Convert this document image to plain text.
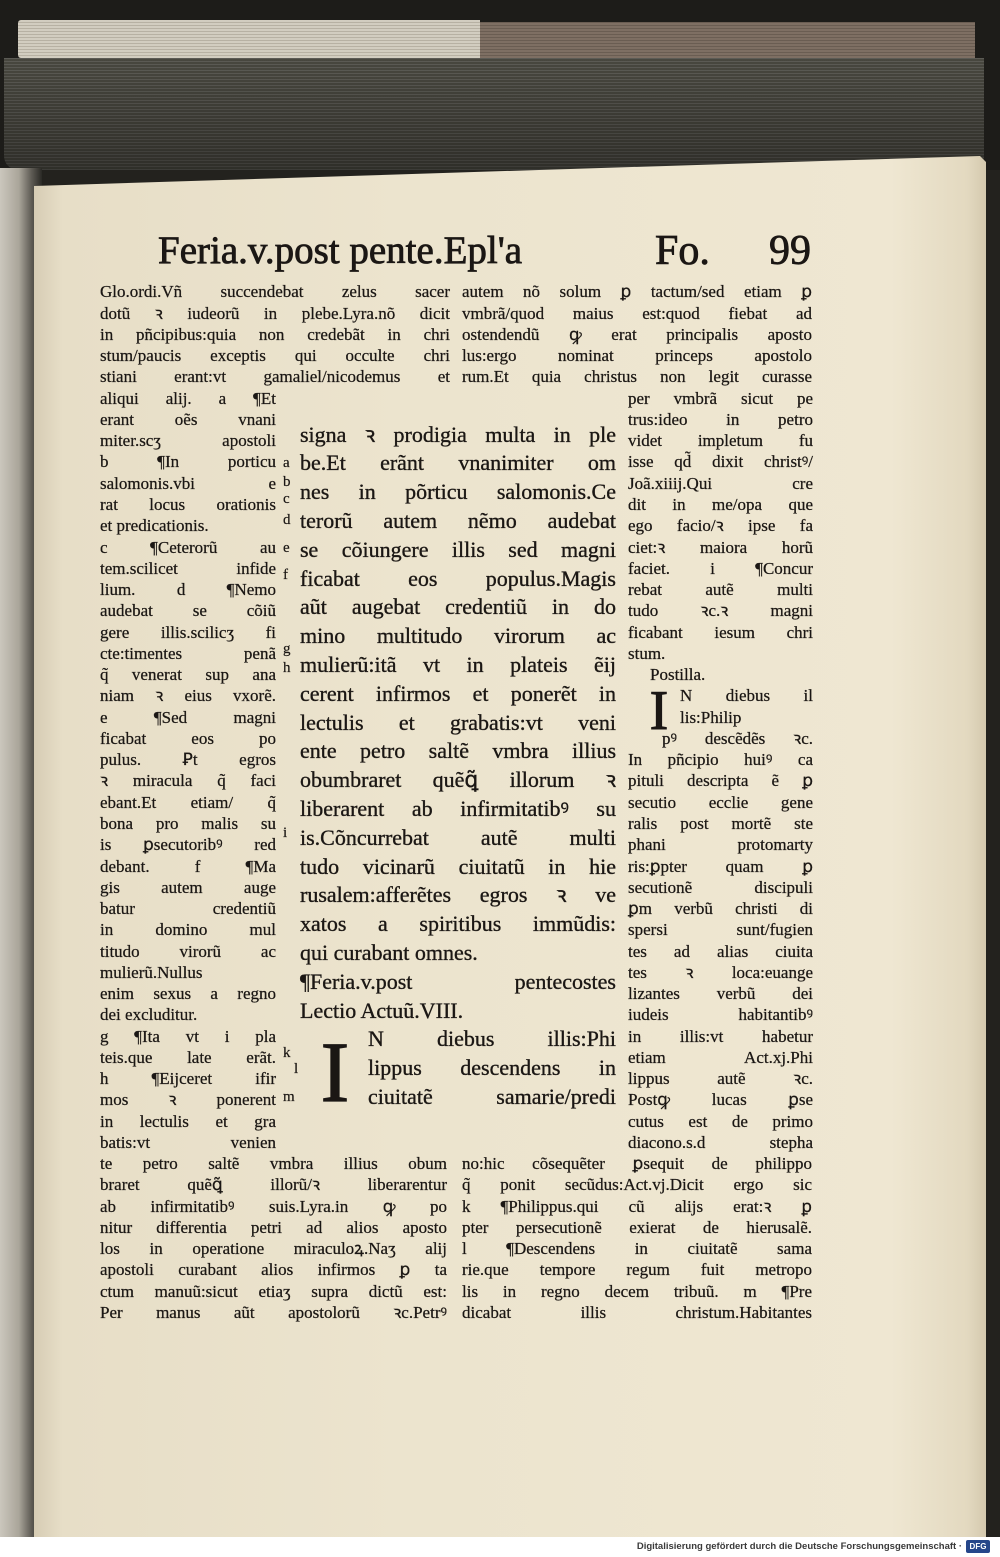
Feria.v.post pente.Epl'a	Fo. 99
Glo.ordi.Vñ succendebat zelus sacer
dotũ ꝛ iudeorũ in plebe.Lyra.nõ dicit
in pñcipibus:quia non credebãt in chri
stum/paucis exceptis qui occulte chri
stiani erant:vt gamaliel/nicodemus et
autem nõ solum ꝑ tactum/sed etiam ꝑ
vmbrã/quod maius est:quod fiebat ad
ostendendũ ꝙ erat principalis aposto
lus:ergo nominat princeps apostolo
rum.Et quia christus non legit curasse
aliqui alij. a ¶Et
erant oẽs vnani
miter.scʒ apostoli
b ¶In porticu
salomonis.vbi e
rat locus orationis
et predicationis.
c ¶Ceterorũ au
tem.scilicet infide
lium. d ¶Nemo
audebat se cõiũ
gere illis.scilicʒ fi
cte:timentes penã
q̃ venerat sup ana
niam ꝛ eius vxorẽ.
e ¶Sed magni
ficabat eos po
pulus. Ꝑt egros
ꝛ miracula q̃ faci
ebant.Et etiam/ q̃
bona pro malis su
is ꝑsecutoribꝰ red
debant. f ¶Ma
gis autem auge
batur credentiũ
in domino mul
titudo virorũ ac
mulierũ.Nullus
enim sexus a regno
dei excluditur.
g ¶Ita vt i pla
teis.que late erãt.
h ¶Eijceret ifir
mos ꝛ ponerent
in lectulis et gra
batis:vt venien
a
b
c
d
e
f
g
h
i
k
l
m
signa ꝛ prodigia multa in ple
be.Et erãnt vnanimiter om
nes in põrticu salomonis.Ce
terorũ autem nẽmo audebat
se cõiungere illis sed magni
ficabat eos populus.Magis
aũt augebat credentiũ in do
mino multitudo virorum ac
mulierũ:itã vt in plateis ẽij
cerent infirmos et ponerẽt in
lectulis et grabatis:vt veni
ente petro saltẽ vmbra illius
obumbraret quẽꝗ̃ illorum ꝛ
liberarent ab infirmitatibꝰ su
is.Cõncurrebat autẽ multi
tudo vicinarũ ciuitatũ in hie
rusalem:afferẽtes egros ꝛ ve
xatos a spiritibus immũdis:
qui curabant omnes.
¶Feria.v.post pentecostes
Lectio Actuũ.VIII.
N diebus illis:Phi
lippus descendens in
ciuitatẽ samarie/predi
I
per vmbrã sicut pe
trus:ideo in petro
videt impletum fu
isse qd̃ dixit christꝰ/
Joã.xiiij.Qui cre
dit in me/opa que
ego facio/ꝛ ipse fa
ciet:ꝛ maiora horũ
faciet. i ¶Concur
rebat autẽ multi
tudo ꝛc.ꝛ magni
ficabant iesum chri
stum.
Postilla.
N diebus il
lis:Philip
pꝰ descẽdẽs ꝛc.
In pñcipio huiꝰ ca
pituli descripta ẽ ꝑ
secutio ecclie gene
ralis post mortẽ ste
phani protomarty
ris:ꝑpter quam ꝑ
secutionẽ discipuli
ꝑm verbũ christi di
spersi sunt/fugien
tes ad alias ciuita
tes ꝛ loca:euange
lizantes verbũ dei
iudeis habitantibꝰ
in illis:vt habetur
etiam Act.xj.Phi
lippus autẽ ꝛc.
Postꝙ lucas ꝑse
cutus est de primo
diacono.s.d stepha
I
te petro saltẽ vmbra illius obum
braret quẽꝗ̃ illorũ/ꝛ liberarentur
ab infirmitatibꝰ suis.Lyra.in ꝙ po
nitur differentia petri ad alios aposto
los in operatione miraculoꝝ.Naʒ alij
apostoli curabant alios infirmos ꝑ ta
ctum manuũ:sicut etiaʒ supra dictũ est:
Per manus aũt apostolorũ ꝛc.Petrꝰ
no:hic cõsequẽter ꝑsequit de philippo
q̃ ponit secũdus:Act.vj.Dicit ergo sic
k ¶Philippus.qui cũ alijs erat:ꝛ ꝑ
pter persecutionẽ exierat de hierusalẽ.
l ¶Descendens in ciuitatẽ sama
rie.que tempore regum fuit metropo
lis in regno decem tribuũ. m ¶Pre
dicabat illis christum.Habitantes
Digitalisierung gefördert durch die Deutsche Forschungsgemeinschaft · DFG
